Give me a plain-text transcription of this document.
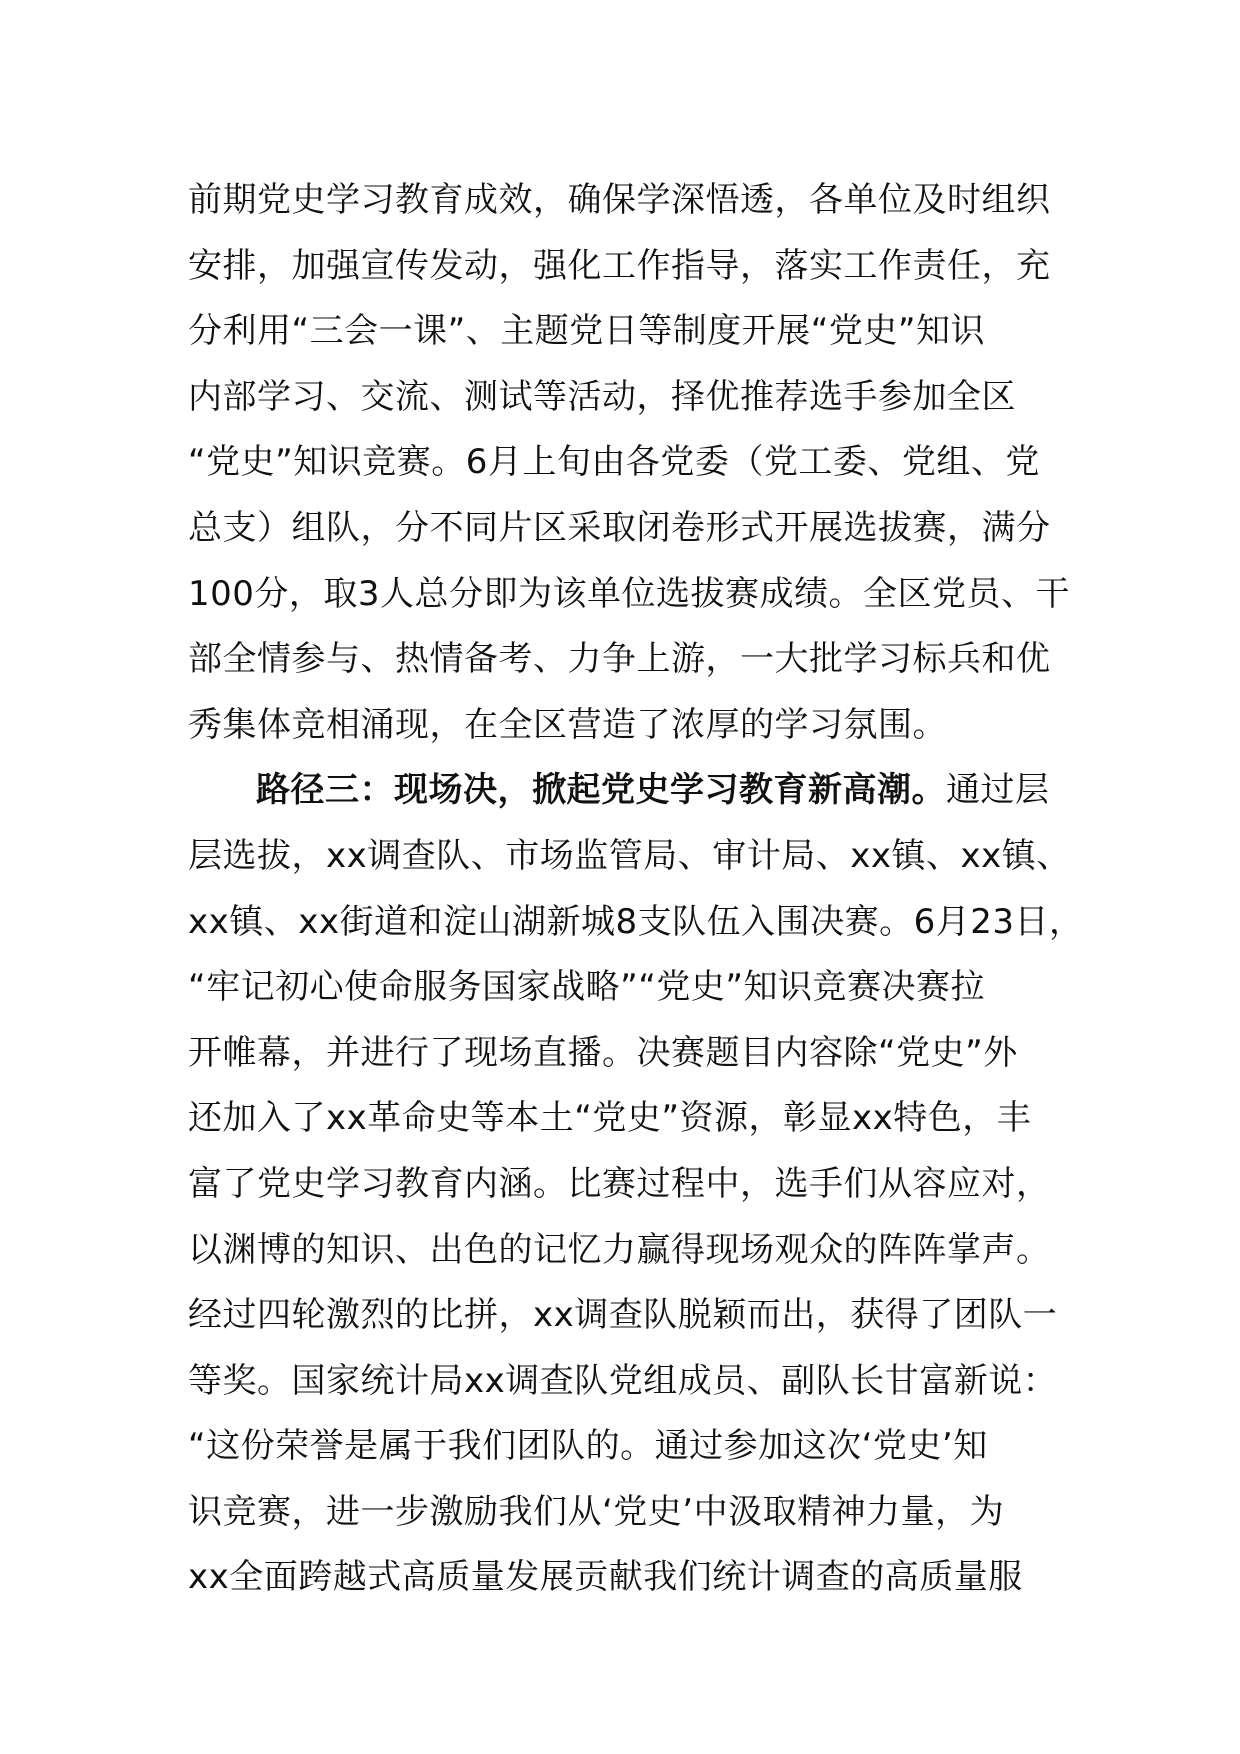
前期党史学习教育成效，确保学深悟透，各单位及时组织
安排，加强宣传发动，强化工作指导，落实工作责任，充
分利用“三会一课”、主题党日等制度开展“党史”知识
内部学习、交流、测试等活动，择优推荐选手参加全区
“党史”知识竞赛。6月上旬由各党委（党工委、党组、党
总支）组队，分不同片区采取闭卷形式开展选拔赛，满分
100分，取3人总分即为该单位选拔赛成绩。全区党员、干
部全情参与、热情备考、力争上游，一大批学习标兵和优
秀集体竞相涌现，在全区营造了浓厚的学习氛围。
路径三：现场决，掀起党史学习教育新高潮。通过层
层选拔，xx调查队、市场监管局、审计局、xx镇、xx镇、
xx镇、xx街道和淀山湖新城8支队伍入围决赛。6月23日，
“牢记初心使命服务国家战略”“党史”知识竞赛决赛拉
开帷幕，并进行了现场直播。决赛题目内容除“党史”外
还加入了xx革命史等本土“党史”资源，彰显xx特色，丰
富了党史学习教育内涵。比赛过程中，选手们从容应对，
以渊博的知识、出色的记忆力赢得现场观众的阵阵掌声。
经过四轮激烈的比拼，xx调查队脱颖而出，获得了团队一
等奖。国家统计局xx调查队党组成员、副队长甘富新说：
“这份荣誉是属于我们团队的。通过参加这次‘党史’知
识竞赛，进一步激励我们从‘党史’中汲取精神力量，为
xx全面跨越式高质量发展贡献我们统计调查的高质量服
